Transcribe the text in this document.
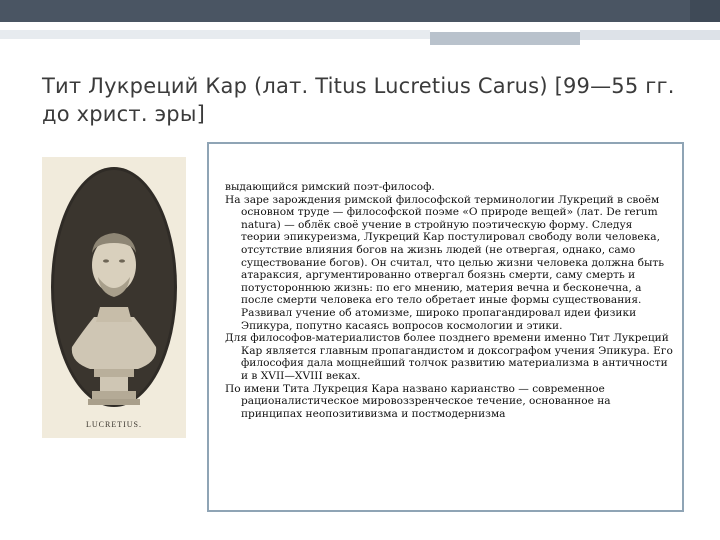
Тит Лукреций Кар (лат. Titus Lucretius Carus) [99—55 гг. до христ. эры]
LUCRETIUS.

выдающийся римский поэт-философ.

На заре зарождения римской философской терминологии Лукреций в своём основном труде — философской поэме «О природе вещей» (лат. De rerum natura) — облёк своё учение в стройную поэтическую форму. Следуя теории эпикуреизма, Лукреций Кар постулировал свободу воли человека, отсутствие влияния богов на жизнь людей (не отвергая, однако, само существование богов). Он считал, что целью жизни человека должна быть атараксия, аргументированно отвергал боязнь смерти, саму смерть и потустороннюю жизнь: по его мнению, материя вечна и бесконечна, а после смерти человека его тело обретает иные формы существования. Развивал учение об атомизме, широко пропагандировал идеи физики Эпикура, попутно касаясь вопросов космологии и этики.

Для философов-материалистов более позднего времени именно Тит Лукреций Кар является главным пропагандистом и доксографом учения Эпикура. Его философия дала мощнейший толчок развитию материализма в античности и в XVII—XVIII веках.

По имени Тита Лукреция Кара названо карианство — современное рационалистическое мировоззренческое течение, основанное на принципах неопозитивизма и постмодернизма
